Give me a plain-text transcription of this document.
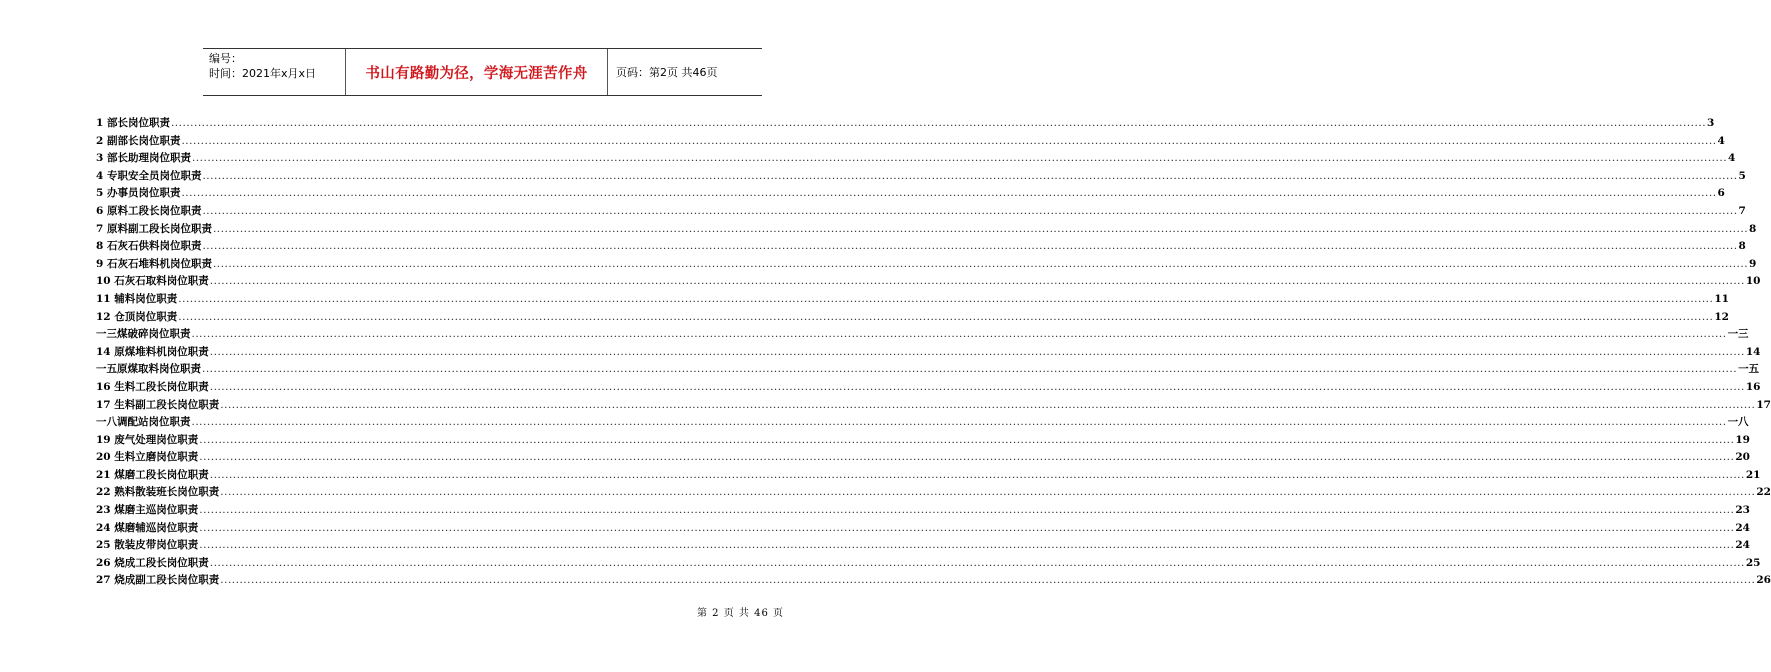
编号：
时间：2021年x月x日	书山有路勤为径，学海无涯苦作舟	页码：第2页 共46页
1 部长岗位职责 ................................................................................................................................................................................................................................................................................................................................................................................................................ 3
2 副部长岗位职责 ................................................................................................................................................................................................................................................................................................................................................................................................................ 4
3 部长助理岗位职责 ................................................................................................................................................................................................................................................................................................................................................................................................................ 4
4 专职安全员岗位职责 ................................................................................................................................................................................................................................................................................................................................................................................................................ 5
5 办事员岗位职责 ................................................................................................................................................................................................................................................................................................................................................................................................................ 6
6 原料工段长岗位职责 ................................................................................................................................................................................................................................................................................................................................................................................................................ 7
7 原料副工段长岗位职责 ................................................................................................................................................................................................................................................................................................................................................................................................................ 8
8 石灰石供料岗位职责 ................................................................................................................................................................................................................................................................................................................................................................................................................ 8
9 石灰石堆料机岗位职责 ................................................................................................................................................................................................................................................................................................................................................................................................................ 9
10 石灰石取料岗位职责 ................................................................................................................................................................................................................................................................................................................................................................................................................ 10
11 辅料岗位职责 ................................................................................................................................................................................................................................................................................................................................................................................................................ 11
12 仓顶岗位职责 ................................................................................................................................................................................................................................................................................................................................................................................................................ 12
一三煤破碎岗位职责 ................................................................................................................................................................................................................................................................................................................................................................................................................ 一三
14 原煤堆料机岗位职责 ................................................................................................................................................................................................................................................................................................................................................................................................................ 14
一五原煤取料岗位职责 ................................................................................................................................................................................................................................................................................................................................................................................................................ 一五
16 生料工段长岗位职责 ................................................................................................................................................................................................................................................................................................................................................................................................................ 16
17 生料副工段长岗位职责 ................................................................................................................................................................................................................................................................................................................................................................................................................ 17
一八调配站岗位职责 ................................................................................................................................................................................................................................................................................................................................................................................................................ 一八
19 废气处理岗位职责 ................................................................................................................................................................................................................................................................................................................................................................................................................ 19
20 生料立磨岗位职责 ................................................................................................................................................................................................................................................................................................................................................................................................................ 20
21 煤磨工段长岗位职责 ................................................................................................................................................................................................................................................................................................................................................................................................................ 21
22 熟料散装班长岗位职责 ................................................................................................................................................................................................................................................................................................................................................................................................................ 22
23 煤磨主巡岗位职责 ................................................................................................................................................................................................................................................................................................................................................................................................................ 23
24 煤磨辅巡岗位职责 ................................................................................................................................................................................................................................................................................................................................................................................................................ 24
25 散装皮带岗位职责 ................................................................................................................................................................................................................................................................................................................................................................................................................ 24
26 烧成工段长岗位职责 ................................................................................................................................................................................................................................................................................................................................................................................................................ 25
27 烧成副工段长岗位职责 ................................................................................................................................................................................................................................................................................................................................................................................................................ 26
第 2 页 共 46 页
